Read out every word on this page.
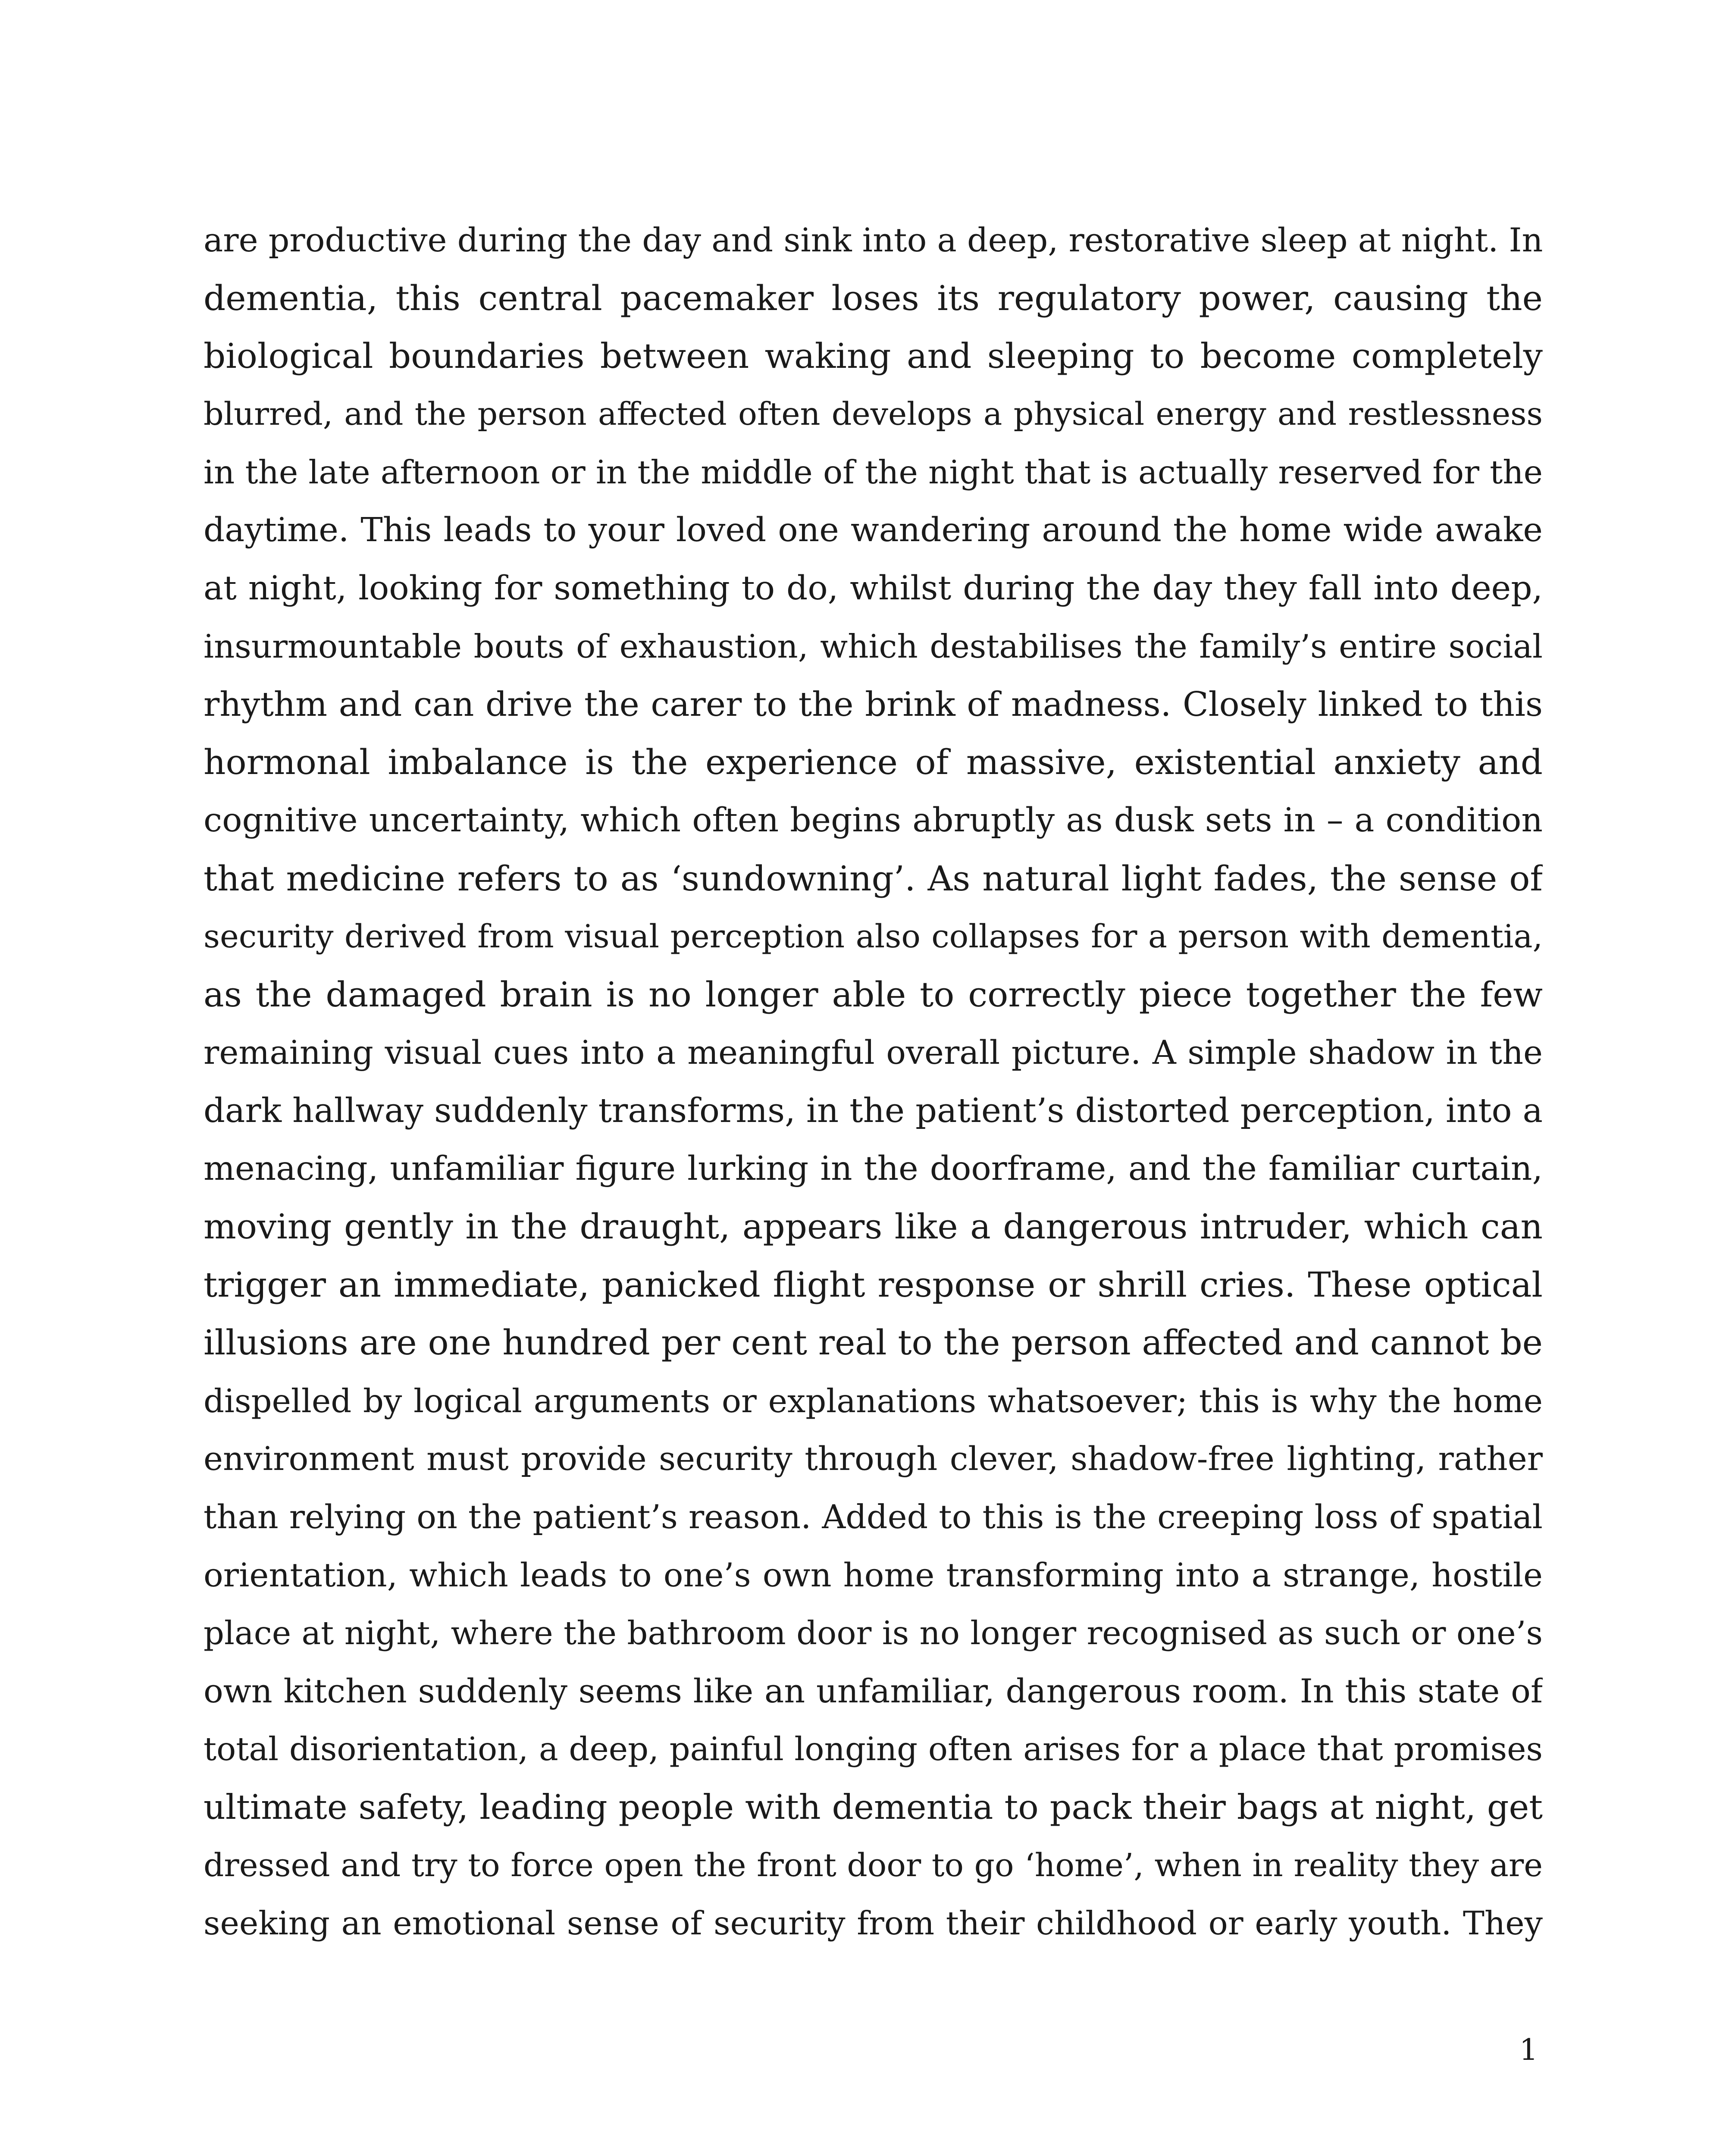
are productive during the day and sink into a deep, restorative sleep at night. In
dementia, this central pacemaker loses its regulatory power, causing the
biological boundaries between waking and sleeping to become completely
blurred, and the person affected often develops a physical energy and restlessness
in the late afternoon or in the middle of the night that is actually reserved for the
daytime. This leads to your loved one wandering around the home wide awake
at night, looking for something to do, whilst during the day they fall into deep,
insurmountable bouts of exhaustion, which destabilises the family’s entire social
rhythm and can drive the carer to the brink of madness. Closely linked to this
hormonal imbalance is the experience of massive, existential anxiety and
cognitive uncertainty, which often begins abruptly as dusk sets in – a condition
that medicine refers to as ‘sundowning’. As natural light fades, the sense of
security derived from visual perception also collapses for a person with dementia,
as the damaged brain is no longer able to correctly piece together the few
remaining visual cues into a meaningful overall picture. A simple shadow in the
dark hallway suddenly transforms, in the patient’s distorted perception, into a
menacing, unfamiliar figure lurking in the doorframe, and the familiar curtain,
moving gently in the draught, appears like a dangerous intruder, which can
trigger an immediate, panicked flight response or shrill cries. These optical
illusions are one hundred per cent real to the person affected and cannot be
dispelled by logical arguments or explanations whatsoever; this is why the home
environment must provide security through clever, shadow-free lighting, rather
than relying on the patient’s reason. Added to this is the creeping loss of spatial
orientation, which leads to one’s own home transforming into a strange, hostile
place at night, where the bathroom door is no longer recognised as such or one’s
own kitchen suddenly seems like an unfamiliar, dangerous room. In this state of
total disorientation, a deep, painful longing often arises for a place that promises
ultimate safety, leading people with dementia to pack their bags at night, get
dressed and try to force open the front door to go ‘home’, when in reality they are
seeking an emotional sense of security from their childhood or early youth. They
1
